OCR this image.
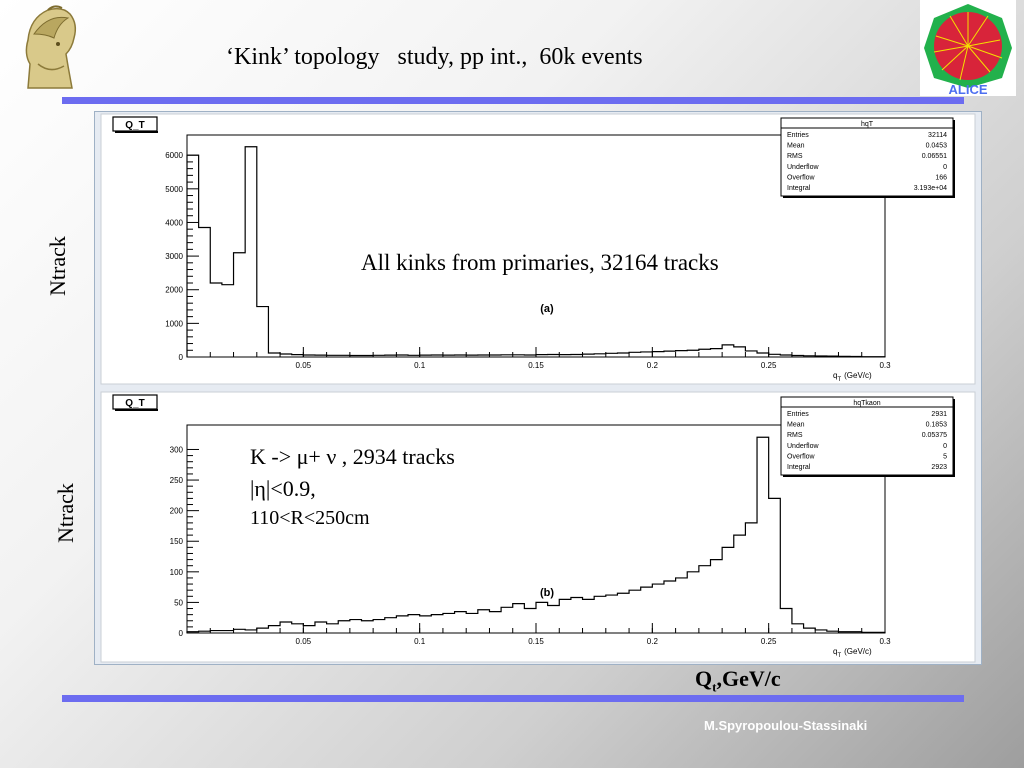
ALICE
‘Kink’ topology   study, pp int.,  60k events
Ntrack
Ntrack
Q_T
0
1000
2000
3000
4000
5000
6000
0.05	0.1	0.15	0.2	0.25	0.3
$q_T$ (GeV/c)
All kinks from primaries, 32164 tracks
(a)
hqT
Entries	32114
Mean	0.0453
RMS	0.06551
Underflow	0
Overflow	166
Integral	3.193e+04
Q_T
0
50
100
150
200
250
300
0.05	0.1	0.15	0.2	0.25	0.3
$q_T$ (GeV/c)
K -> μ+ ν , 2934 tracks
|η|<0.9,
110<R<250cm
(b)
hqTkaon
Entries	2931
Mean	0.1853
RMS	0.05375
Underflow	0
Overflow	5
Integral	2923
$Q_t,GeV/c$
M.Spyropoulou-Stassinaki
